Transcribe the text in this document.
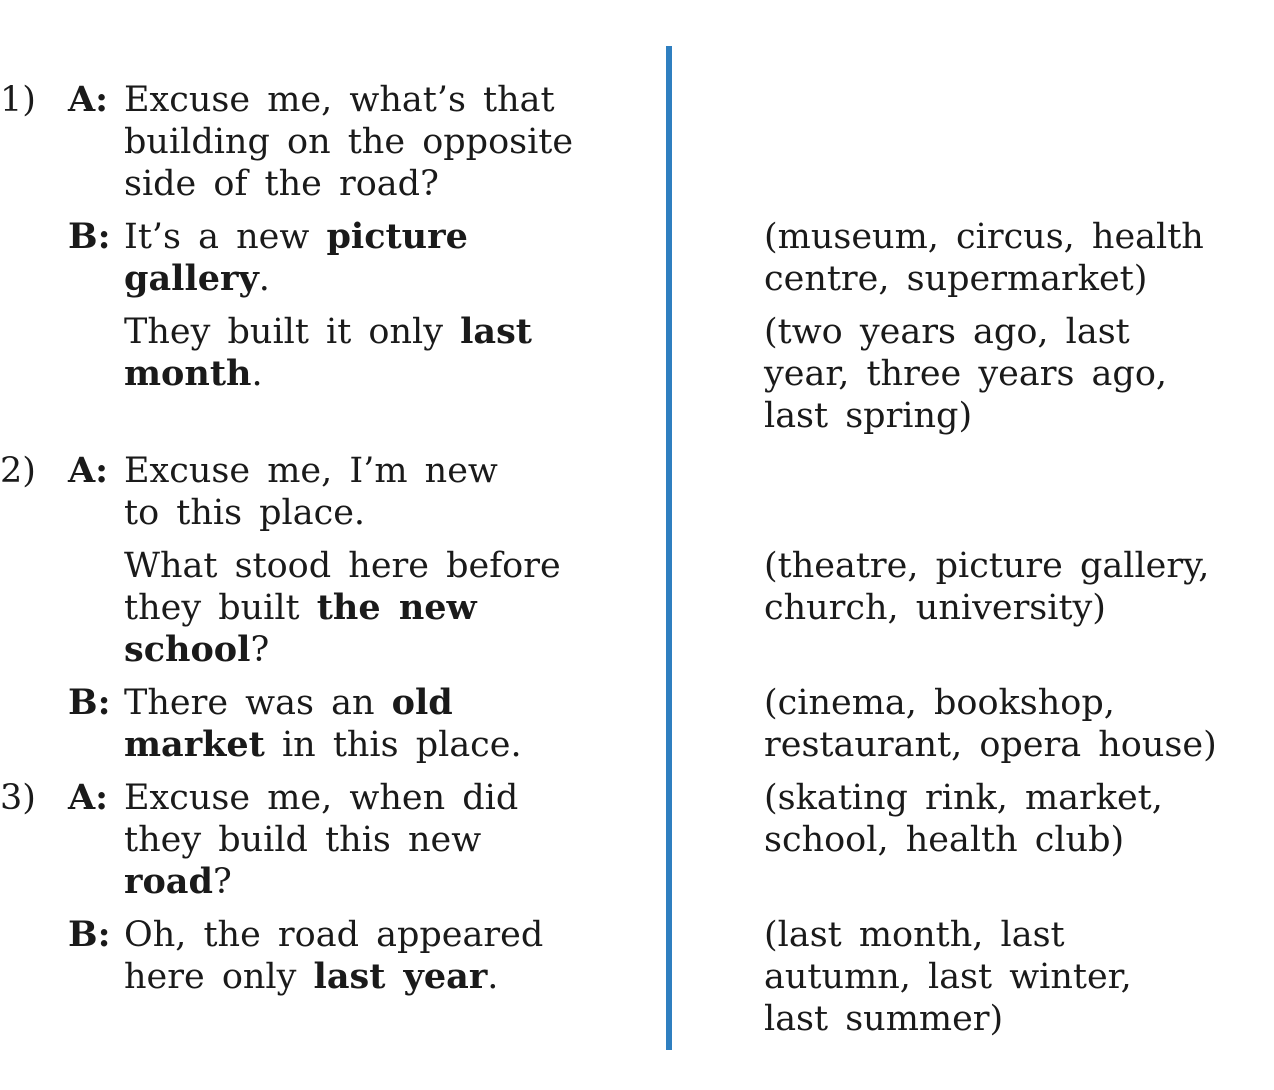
1) A: Excuse me, what’s that
building on the opposite
side of the road?
B: It’s a new picture
gallery.
They built it only last
month.
2) A: Excuse me, I’m new
to this place.
What stood here before
they built the new
school?
B: There was an old
market in this place.
3) A: Excuse me, when did
they build this new
road?
B: Oh, the road appeared
here only last year.
(museum, circus, health
centre, supermarket)
(two years ago, last
year, three years ago,
last spring)
(theatre, picture gallery,
church, university)
(cinema, bookshop,
restaurant, opera house)
(skating rink, market,
school, health club)
(last month, last
autumn, last winter,
last summer)
